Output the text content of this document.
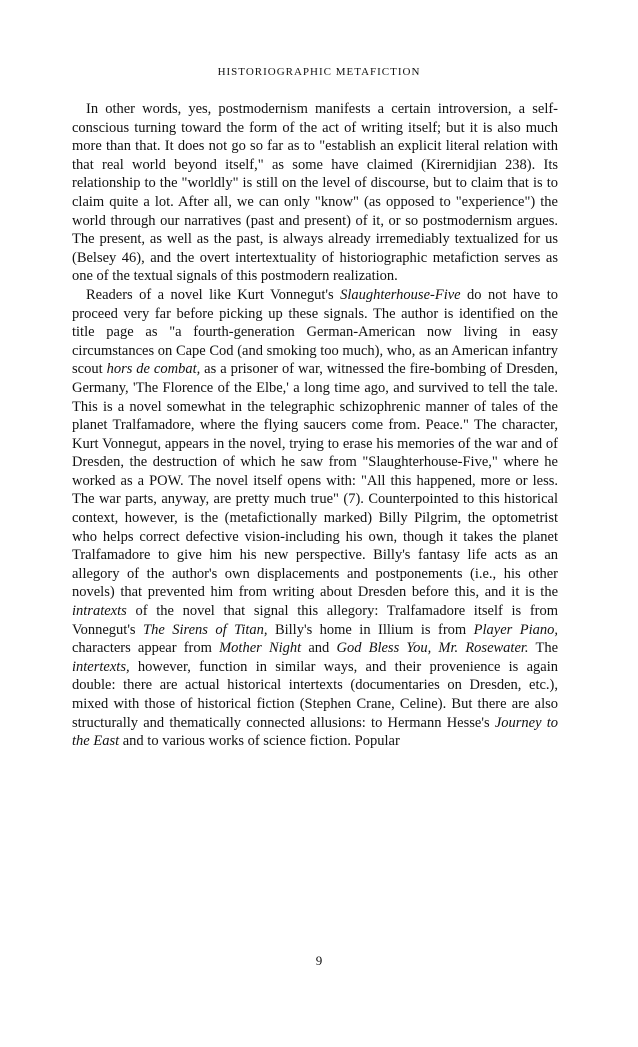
HISTORIOGRAPHIC METAFICTION

In other words, yes, postmodernism manifests a certain introversion, a self-conscious turning toward the form of the act of writing itself; but it is also much more than that. It does not go so far as to "establish an explicit literal relation with that real world beyond itself," as some have claimed (Kirernidjian 238). Its relationship to the "worldly" is still on the level of discourse, but to claim that is to claim quite a lot. After all, we can only "know" (as opposed to "experience") the world through our narratives (past and present) of it, or so postmodernism argues. The present, as well as the past, is always already irremediably textualized for us (Belsey 46), and the overt intertextuality of historiographic metafiction serves as one of the textual signals of this postmodern realization.

Readers of a novel like Kurt Vonnegut's Slaughterhouse-Five do not have to proceed very far before picking up these signals. The author is identified on the title page as "a fourth-generation German-American now living in easy circumstances on Cape Cod (and smoking too much), who, as an American infantry scout hors de combat, as a prisoner of war, witnessed the fire-bombing of Dresden, Germany, 'The Florence of the Elbe,' a long time ago, and survived to tell the tale. This is a novel somewhat in the telegraphic schizophrenic manner of tales of the planet Tralfamadore, where the flying saucers come from. Peace." The character, Kurt Vonnegut, appears in the novel, trying to erase his memories of the war and of Dresden, the destruction of which he saw from "Slaughterhouse-Five," where he worked as a POW. The novel itself opens with: "All this happened, more or less. The war parts, anyway, are pretty much true" (7). Counterpointed to this historical context, however, is the (metafictionally marked) Billy Pilgrim, the optometrist who helps correct defective vision-including his own, though it takes the planet Tralfamadore to give him his new perspective. Billy's fantasy life acts as an allegory of the author's own displacements and postponements (i.e., his other novels) that prevented him from writing about Dresden before this, and it is the intratexts of the novel that signal this allegory: Tralfamadore itself is from Vonnegut's The Sirens of Titan, Billy's home in Illium is from Player Piano, characters appear from Mother Night and God Bless You, Mr. Rosewater. The intertexts, however, function in similar ways, and their provenience is again double: there are actual historical intertexts (documentaries on Dresden, etc.), mixed with those of historical fiction (Stephen Crane, Celine). But there are also structurally and thematically connected allusions: to Hermann Hesse's Journey to the East and to various works of science fiction. Popular

9
